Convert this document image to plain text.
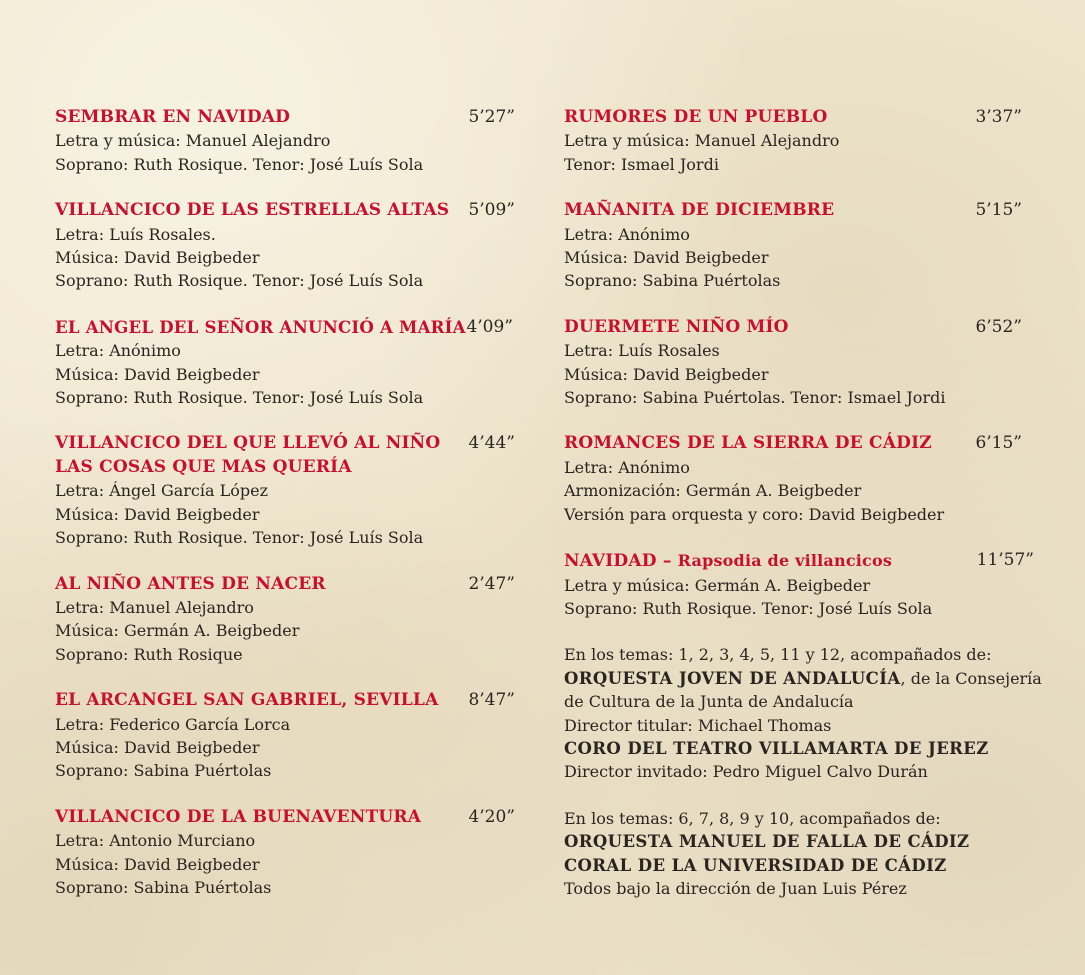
SEMBRAR EN NAVIDAD	5’27”
Letra y música: Manuel Alejandro
Soprano: Ruth Rosique. Tenor: José Luís Sola
VILLANCICO DE LAS ESTRELLAS ALTAS	5’09”
Letra: Luís Rosales.
Música: David Beigbeder
Soprano: Ruth Rosique. Tenor: José Luís Sola
EL ANGEL DEL SEÑOR ANUNCIÓ A MARÍA 4’09”
Letra: Anónimo
Música: David Beigbeder
Soprano: Ruth Rosique. Tenor: José Luís Sola
VILLANCICO DEL QUE LLEVÓ AL NIÑO
LAS COSAS QUE MAS QUERÍA
4’44”
Letra: Ángel García López
Música: David Beigbeder
Soprano: Ruth Rosique. Tenor: José Luís Sola
AL NIÑO ANTES DE NACER	2’47”
Letra: Manuel Alejandro
Música: Germán A. Beigbeder
Soprano: Ruth Rosique
EL ARCANGEL SAN GABRIEL, SEVILLA	8’47”
Letra: Federico García Lorca
Música: David Beigbeder
Soprano: Sabina Puértolas
VILLANCICO DE LA BUENAVENTURA	4’20”
Letra: Antonio Murciano
Música: David Beigbeder
Soprano: Sabina Puértolas
RUMORES DE UN PUEBLO	3’37”
Letra y música: Manuel Alejandro
Tenor: Ismael Jordi
MAÑANITA DE DICIEMBRE	5’15”
Letra: Anónimo
Música: David Beigbeder
Soprano: Sabina Puértolas
DUERMETE NIÑO MÍO	6’52”
Letra: Luís Rosales
Música: David Beigbeder
Soprano: Sabina Puértolas. Tenor: Ismael Jordi
ROMANCES DE LA SIERRA DE CÁDIZ	6’15”
Letra: Anónimo
Armonización: Germán A. Beigbeder
Versión para orquesta y coro: David Beigbeder
NAVIDAD – Rapsodia de villancicos	11’57”
Letra y música: Germán A. Beigbeder
Soprano: Ruth Rosique. Tenor: José Luís Sola
En los temas: 1, 2, 3, 4, 5, 11 y 12, acompañados de:
ORQUESTA JOVEN DE ANDALUCÍA, de la Consejería
de Cultura de la Junta de Andalucía
Director titular: Michael Thomas
CORO DEL TEATRO VILLAMARTA DE JEREZ
Director invitado: Pedro Miguel Calvo Durán
En los temas: 6, 7, 8, 9 y 10, acompañados de:
ORQUESTA MANUEL DE FALLA DE CÁDIZ
CORAL DE LA UNIVERSIDAD DE CÁDIZ
Todos bajo la dirección de Juan Luis Pérez
